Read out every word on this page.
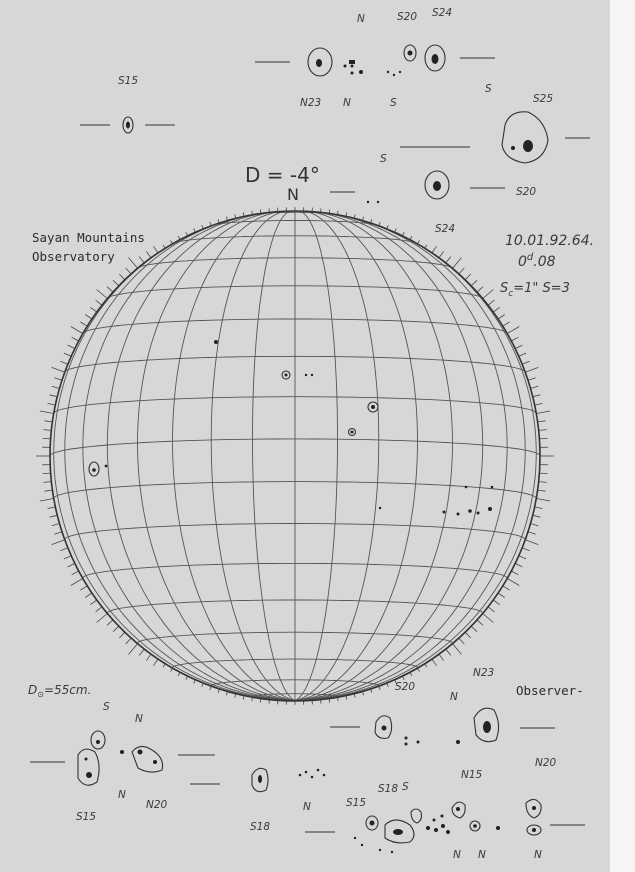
D = -4°
N
Sayan Mountains
Observatory
10.01.92.64.
0$^d$.08
$S_c=1$" S=3
$D_⊙=55cm$.	Observer-
S15
N	S20 S24
N23 N	S
S
S25
S20
S24
S
S20
N23
S
N
N20
N
S15
S18
N	S15
S18 S
N15
N20
N
N N	N
